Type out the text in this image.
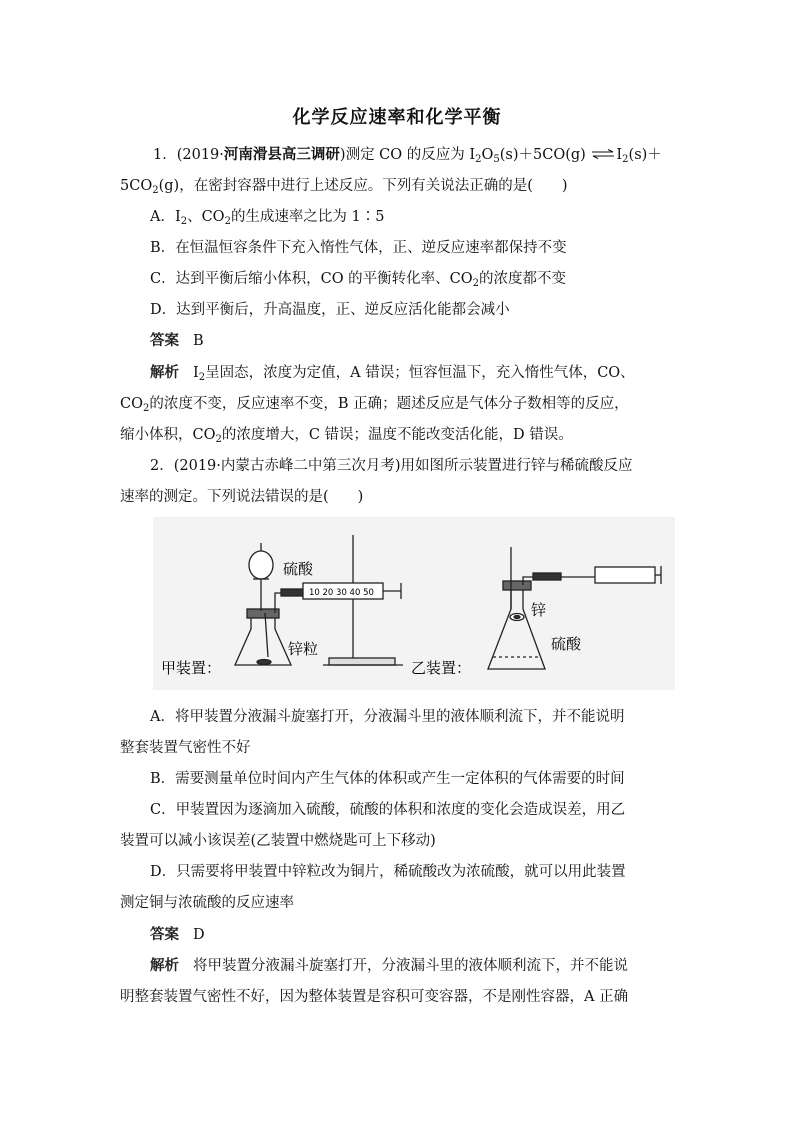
化学反应速率和化学平衡
1．(2019·河南滑县高三调研)测定 CO 的反应为 $I_2O_5(s)+5CO(g)$ $\rightleftharpoons I_2(s)+$
$5CO_2(g)$，在密封容器中进行上述反应。下列有关说法正确的是(　　)
A．$I_2$、$CO_2$的生成速率之比为 1∶5
B．在恒温恒容条件下充入惰性气体，正、逆反应速率都保持不变
C．达到平衡后缩小体积，CO 的平衡转化率、$CO_2$的浓度都不变
D．达到平衡后，升高温度，正、逆反应活化能都会减小
答案 B
解析 $I_2$呈固态，浓度为定值，A 错误；恒容恒温下，充入惰性气体，CO、
$CO_2$的浓度不变，反应速率不变，B 正确；题述反应是气体分子数相等的反应，
缩小体积，$CO_2$的浓度增大，C 错误；温度不能改变活化能，D 错误。
2．(2019·内蒙古赤峰二中第三次月考)用如图所示装置进行锌与稀硫酸反应
速率的测定。下列说法错误的是(　　)
硫酸
10 20 30 40 50
锌粒
甲装置：
锌
硫酸
乙装置：
A．将甲装置分液漏斗旋塞打开，分液漏斗里的液体顺利流下，并不能说明
整套装置气密性不好
B．需要测量单位时间内产生气体的体积或产生一定体积的气体需要的时间
C．甲装置因为逐滴加入硫酸，硫酸的体积和浓度的变化会造成误差，用乙
装置可以减小该误差(乙装置中燃烧匙可上下移动)
D．只需要将甲装置中锌粒改为铜片，稀硫酸改为浓硫酸，就可以用此装置
测定铜与浓硫酸的反应速率
答案 D
解析 将甲装置分液漏斗旋塞打开，分液漏斗里的液体顺利流下，并不能说
明整套装置气密性不好，因为整体装置是容积可变容器，不是刚性容器，A 正确
